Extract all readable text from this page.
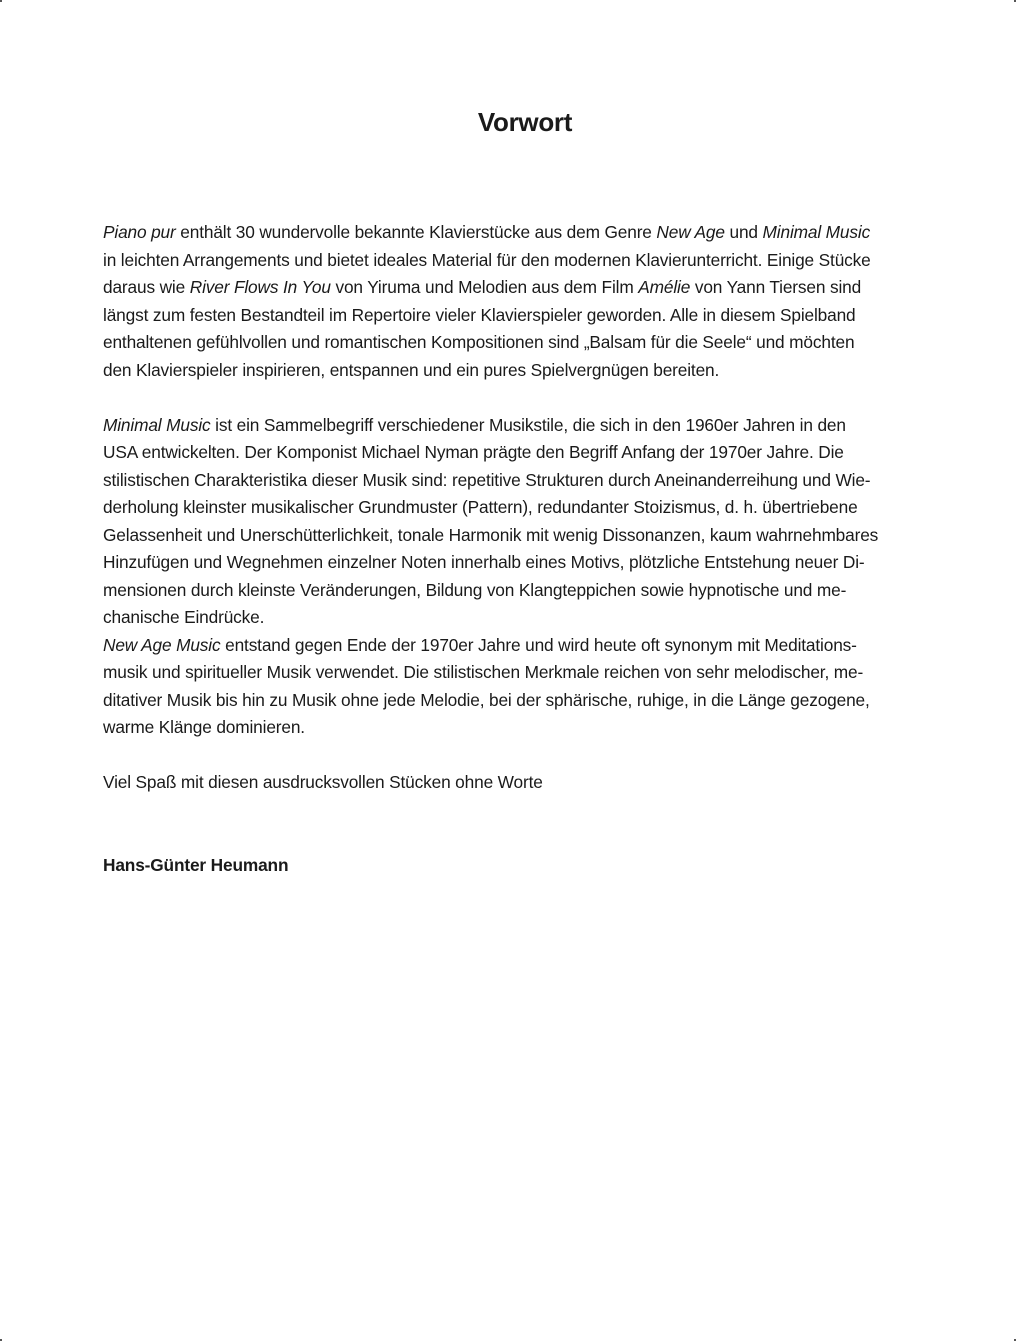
Vorwort
Piano pur enthält 30 wundervolle bekannte Klavierstücke aus dem Genre New Age und Minimal Music
in leichten Arrangements und bietet ideales Material für den modernen Klavierunterricht. Einige Stücke
daraus wie River Flows In You von Yiruma und Melodien aus dem Film Amélie von Yann Tiersen sind
längst zum festen Bestandteil im Repertoire vieler Klavierspieler geworden. Alle in diesem Spielband
enthaltenen gefühlvollen und romantischen Kompositionen sind „Balsam für die Seele“ und möchten
den Klavierspieler inspirieren, entspannen und ein pures Spielvergnügen bereiten.
Minimal Music ist ein Sammelbegriff verschiedener Musikstile, die sich in den 1960er Jahren in den
USA entwickelten. Der Komponist Michael Nyman prägte den Begriff Anfang der 1970er Jahre. Die
stilistischen Charakteristika dieser Musik sind: repetitive Strukturen durch Aneinanderreihung und Wie-
derholung kleinster musikalischer Grundmuster (Pattern), redundanter Stoizismus, d. h. übertriebene
Gelassenheit und Unerschütterlichkeit, tonale Harmonik mit wenig Dissonanzen, kaum wahrnehmbares
Hinzufügen und Wegnehmen einzelner Noten innerhalb eines Motivs, plötzliche Entstehung neuer Di-
mensionen durch kleinste Veränderungen, Bildung von Klangteppichen sowie hypnotische und me-
chanische Eindrücke.
New Age Music entstand gegen Ende der 1970er Jahre und wird heute oft synonym mit Meditations-
musik und spiritueller Musik verwendet. Die stilistischen Merkmale reichen von sehr melodischer, me-
ditativer Musik bis hin zu Musik ohne jede Melodie, bei der sphärische, ruhige, in die Länge gezogene,
warme Klänge dominieren.
Viel Spaß mit diesen ausdrucksvollen Stücken ohne Worte
Hans-Günter Heumann
